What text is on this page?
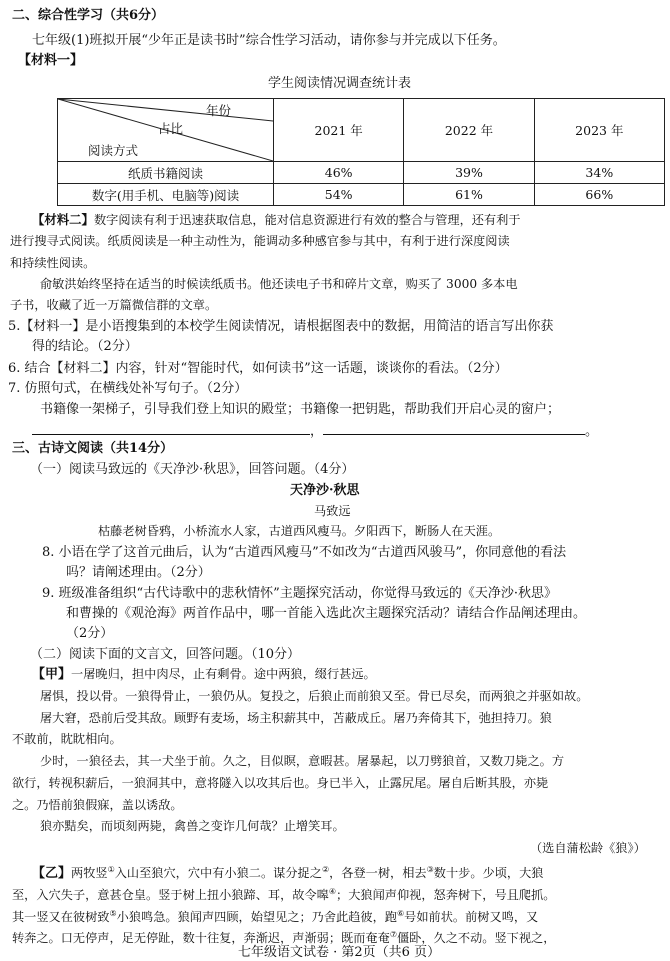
二、综合性学习（共6分）
七年级(1)班拟开展“少年正是读书时”综合性学习活动，请你参与并完成以下任务。
【材料一】
学生阅读情况调查统计表
年份
占比
阅读方式	2021 年	2022 年	2023 年
纸质书籍阅读	46%	39%	34%
数字(用手机、电脑等)阅读	54%	61%	66%
【材料二】数字阅读有利于迅速获取信息，能对信息资源进行有效的整合与管理，还有利于
进行搜寻式阅读。纸质阅读是一种主动性为，能调动多种感官参与其中，有利于进行深度阅读
和持续性阅读。
俞敏洪始终坚持在适当的时候读纸质书。他还读电子书和碎片文章，购买了 3000 多本电
子书，收藏了近一万篇微信群的文章。
5.【材料一】是小语搜集到的本校学生阅读情况，请根据图表中的数据，用简洁的语言写出你获
得的结论。（2分）
6. 结合【材料二】内容，针对“智能时代，如何读书”这一话题，谈谈你的看法。（2分）
7. 仿照句式，在横线处补写句子。（2分）
书籍像一架梯子，引导我们登上知识的殿堂；书籍像一把钥匙，帮助我们开启心灵的窗户；
，	。
三、古诗文阅读（共14分）
（一）阅读马致远的《天净沙·秋思》，回答问题。（4分）
天净沙·秋思
马致远
枯藤老树昏鸦，小桥流水人家，古道西风瘦马。夕阳西下，断肠人在天涯。
8. 小语在学了这首元曲后，认为“古道西风瘦马”不如改为“古道西风骏马”，你同意他的看法
吗？请阐述理由。（2分）
9. 班级准备组织“古代诗歌中的悲秋情怀”主题探究活动，你觉得马致远的《天净沙·秋思》
和曹操的《观沧海》两首作品中，哪一首能入选此次主题探究活动？请结合作品阐述理由。
（2分）
（二）阅读下面的文言文，回答问题。（10分）
【甲】一屠晚归，担中肉尽，止有剩骨。途中两狼，缀行甚远。
屠惧，投以骨。一狼得骨止，一狼仍从。复投之，后狼止而前狼又至。骨已尽矣，而两狼之并驱如故。
屠大窘，恐前后受其敌。顾野有麦场，场主积薪其中，苫蔽成丘。屠乃奔倚其下，弛担持刀。狼
不敢前，眈眈相向。
少时，一狼径去，其一犬坐于前。久之，目似瞑，意暇甚。屠暴起，以刀劈狼首，又数刀毙之。方
欲行，转视积薪后，一狼洞其中，意将隧入以攻其后也。身已半入，止露尻尾。屠自后断其股，亦毙
之。乃悟前狼假寐，盖以诱敌。
狼亦黠矣，而顷刻两毙，禽兽之变诈几何哉？止增笑耳。
（选自蒲松龄《狼》）
【乙】两牧竖①入山至狼穴，穴中有小狼二。谋分捉之②，各登一树，相去③数十步。少顷，大狼
至，入穴失子，意甚仓皇。竖于树上扭小狼蹄、耳，故令嗥④；大狼闻声仰视，怒奔树下，号且爬抓。
其一竖又在彼树致⑤小狼鸣急。狼闻声四顾，始望见之；乃舍此趋彼，跑⑥号如前状。前树又鸣，又
转奔之。口无停声，足无停趾，数十往复，奔渐迟，声渐弱；既而奄奄⑦僵卧，久之不动。竖下视之，
七年级语文试卷 · 第2页（共6 页）
